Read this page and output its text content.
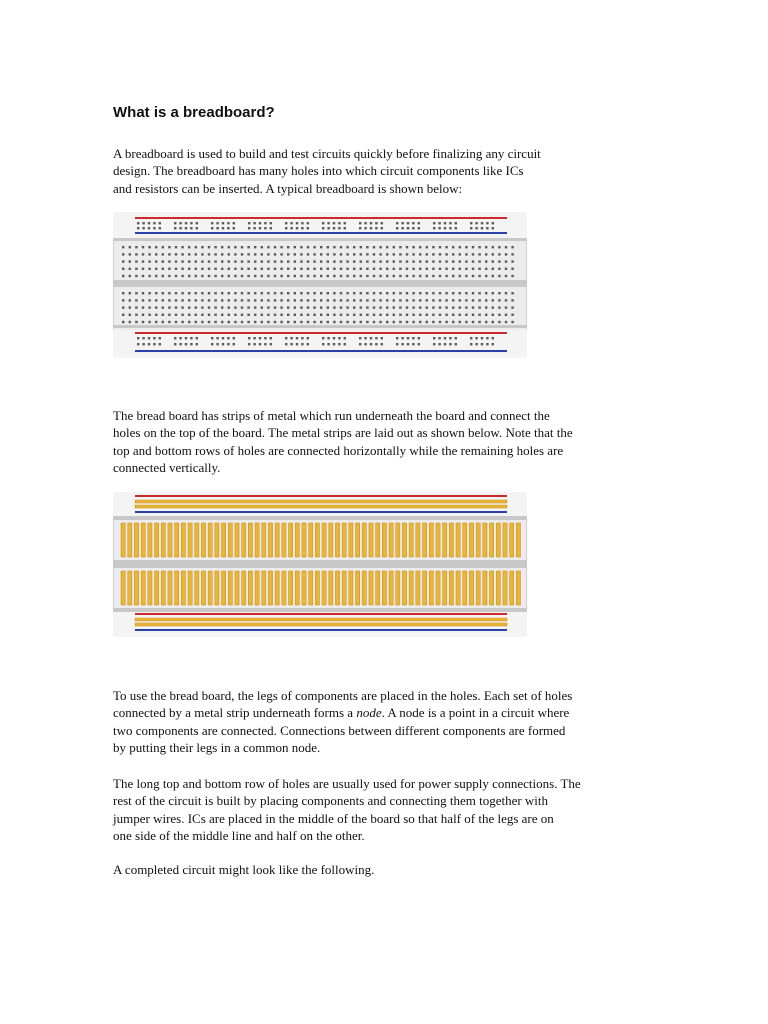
What is a breadboard?
A breadboard is used to build and test circuits quickly before finalizing any circuit
design. The breadboard has many holes into which circuit components like ICs
and resistors can be inserted. A typical breadboard is shown below:
The bread board has strips of metal which run underneath the board and connect the
holes on the top of the board. The metal strips are laid out as shown below. Note that the
top and bottom rows of holes are connected horizontally while the remaining holes are
connected vertically.
To use the bread board, the legs of components are placed in the holes. Each set of holes
connected by a metal strip underneath forms a node. A node is a point in a circuit where
two components are connected. Connections between different components are formed
by putting their legs in a common node.
The long top and bottom row of holes are usually used for power supply connections. The
rest of the circuit is built by placing components and connecting them together with
jumper wires. ICs are placed in the middle of the board so that half of the legs are on
one side of the middle line and half on the other.
A completed circuit might look like the following.
